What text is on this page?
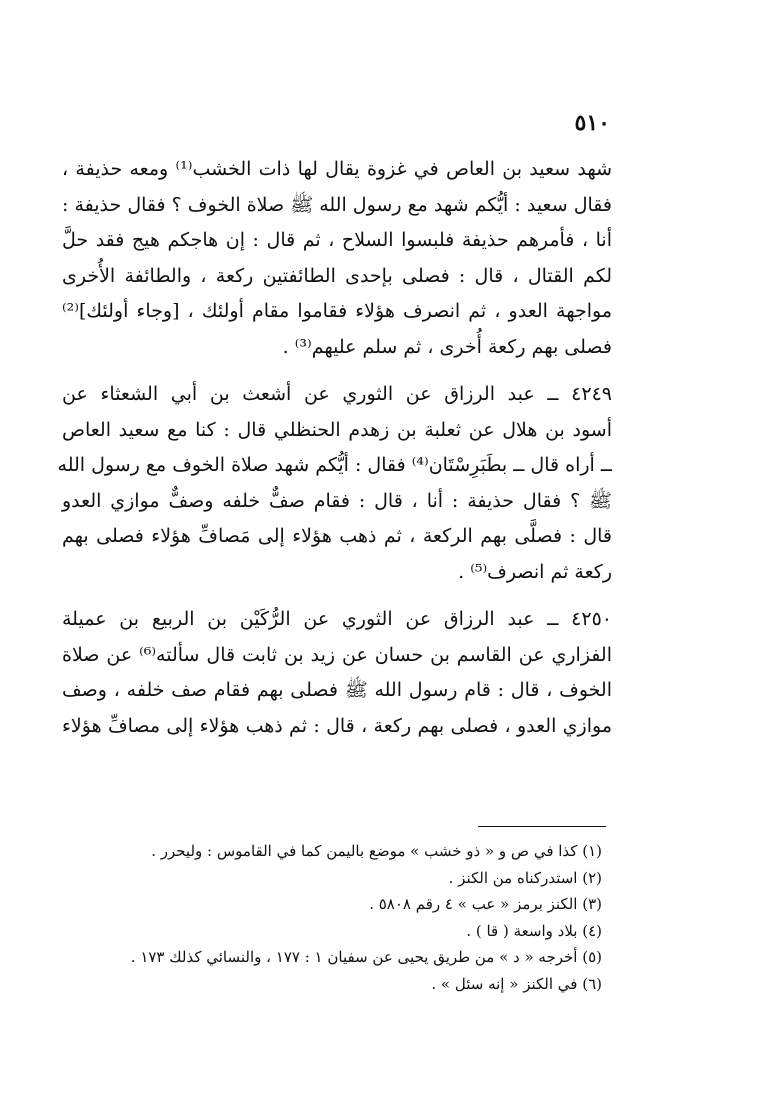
٥١٠

شهد سعيد بن العاص في غزوة يقال لها ذات الخشب⁽¹⁾ ومعه حذيفة ،
فقال سعيد : أيُّكم شهد مع رسول الله ﷺ صلاة الخوف ؟ فقال حذيفة :
أنا ، فأمرهم حذيفة فلبسوا السلاح ، ثم قال : إن هاجكم هيج فقد حلَّ
لكم القتال ، قال : فصلى بإحدى الطائفتين ركعة ، والطائفة الأُخرى
مواجهة العدو ، ثم انصرف هؤلاء فقاموا مقام أولئك ، [وجاء أولئك]⁽²⁾
فصلى بهم ركعة أُخرى ، ثم سلم عليهم⁽³⁾ .

٤٢٤٩ ــ عبد الرزاق عن الثوري عن أشعث بن أبي الشعثاء عن
أسود بن هلال عن ثعلبة بن زهدم الحنظلي قال : كنا مع سعيد العاص
ــ أراه قال ــ بطَبَرِسْتَان⁽⁴⁾ فقال : أيُّكم شهد صلاة الخوف مع رسول الله
ﷺ ؟ فقال حذيفة : أنا ، قال : فقام صفٌّ خلفه وصفٌّ موازي العدو
قال : فصلَّى بهم الركعة ، ثم ذهب هؤلاء إلى مَصافِّ هؤلاء فصلى بهم
ركعة ثم انصرف⁽⁵⁾ .

٤٢٥٠ ــ عبد الرزاق عن الثوري عن الرُّكَيْن بن الربيع بن عميلة
الفزاري عن القاسم بن حسان عن زيد بن ثابت قال سألته⁽⁶⁾ عن صلاة
الخوف ، قال : قام رسول الله ﷺ فصلى بهم فقام صف خلفه ، وصف
موازي العدو ، فصلى بهم ركعة ، قال : ثم ذهب هؤلاء إلى مصافِّ هؤلاء

(١) كذا في ص و « ذو خشب » موضع باليمن كما في القاموس : وليحرر .
(٢) استدركناه من الكنز .
(٣) الكنز برمز « عب » ٤ رقم ٥٨٠٨ .
(٤) بلاد واسعة ( قا ) .
(٥) أخرجه « د » من طريق يحيى عن سفيان ١ : ١٧٧ ، والنسائي كذلك ١٧٣ .
(٦) في الكنز « إنه سئل » .
